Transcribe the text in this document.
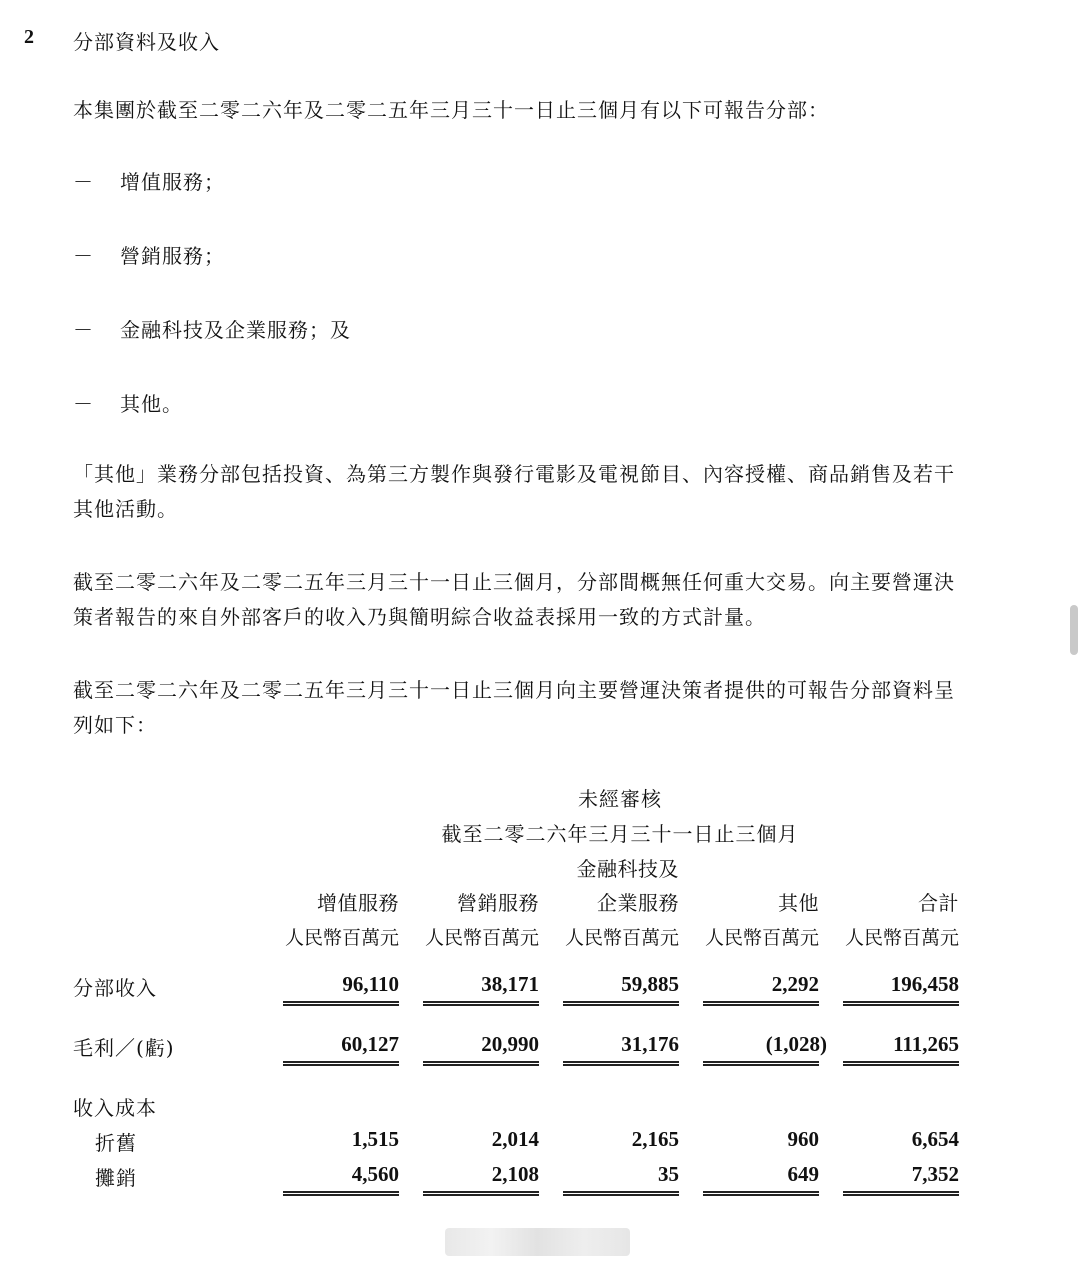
2 分部資料及收入
本集團於截至二零二六年及二零二五年三月三十一日止三個月有以下可報告分部：
－ 增值服務；
－ 營銷服務；
－ 金融科技及企業服務；及
－ 其他。
「其他」業務分部包括投資、為第三方製作與發行電影及電視節目、內容授權、商品銷售及若干其他活動。
截至二零二六年及二零二五年三月三十一日止三個月，分部間概無任何重大交易。向主要營運決策者報告的來自外部客戶的收入乃與簡明綜合收益表採用一致的方式計量。
截至二零二六年及二零二五年三月三十一日止三個月向主要營運決策者提供的可報告分部資料呈列如下：
未經審核
截至二零二六年三月三十一日止三個月
金融科技及
增值服務	營銷服務	企業服務	其他	合計
人民幣百萬元	人民幣百萬元	人民幣百萬元	人民幣百萬元	人民幣百萬元
分部收入	96,110	38,171	59,885	2,292	196,458
毛利／(虧)	60,127	20,990	31,176	(1,028)	111,265
收入成本
折舊	1,515	2,014	2,165	960	6,654
攤銷	4,560	2,108	35	649	7,352
